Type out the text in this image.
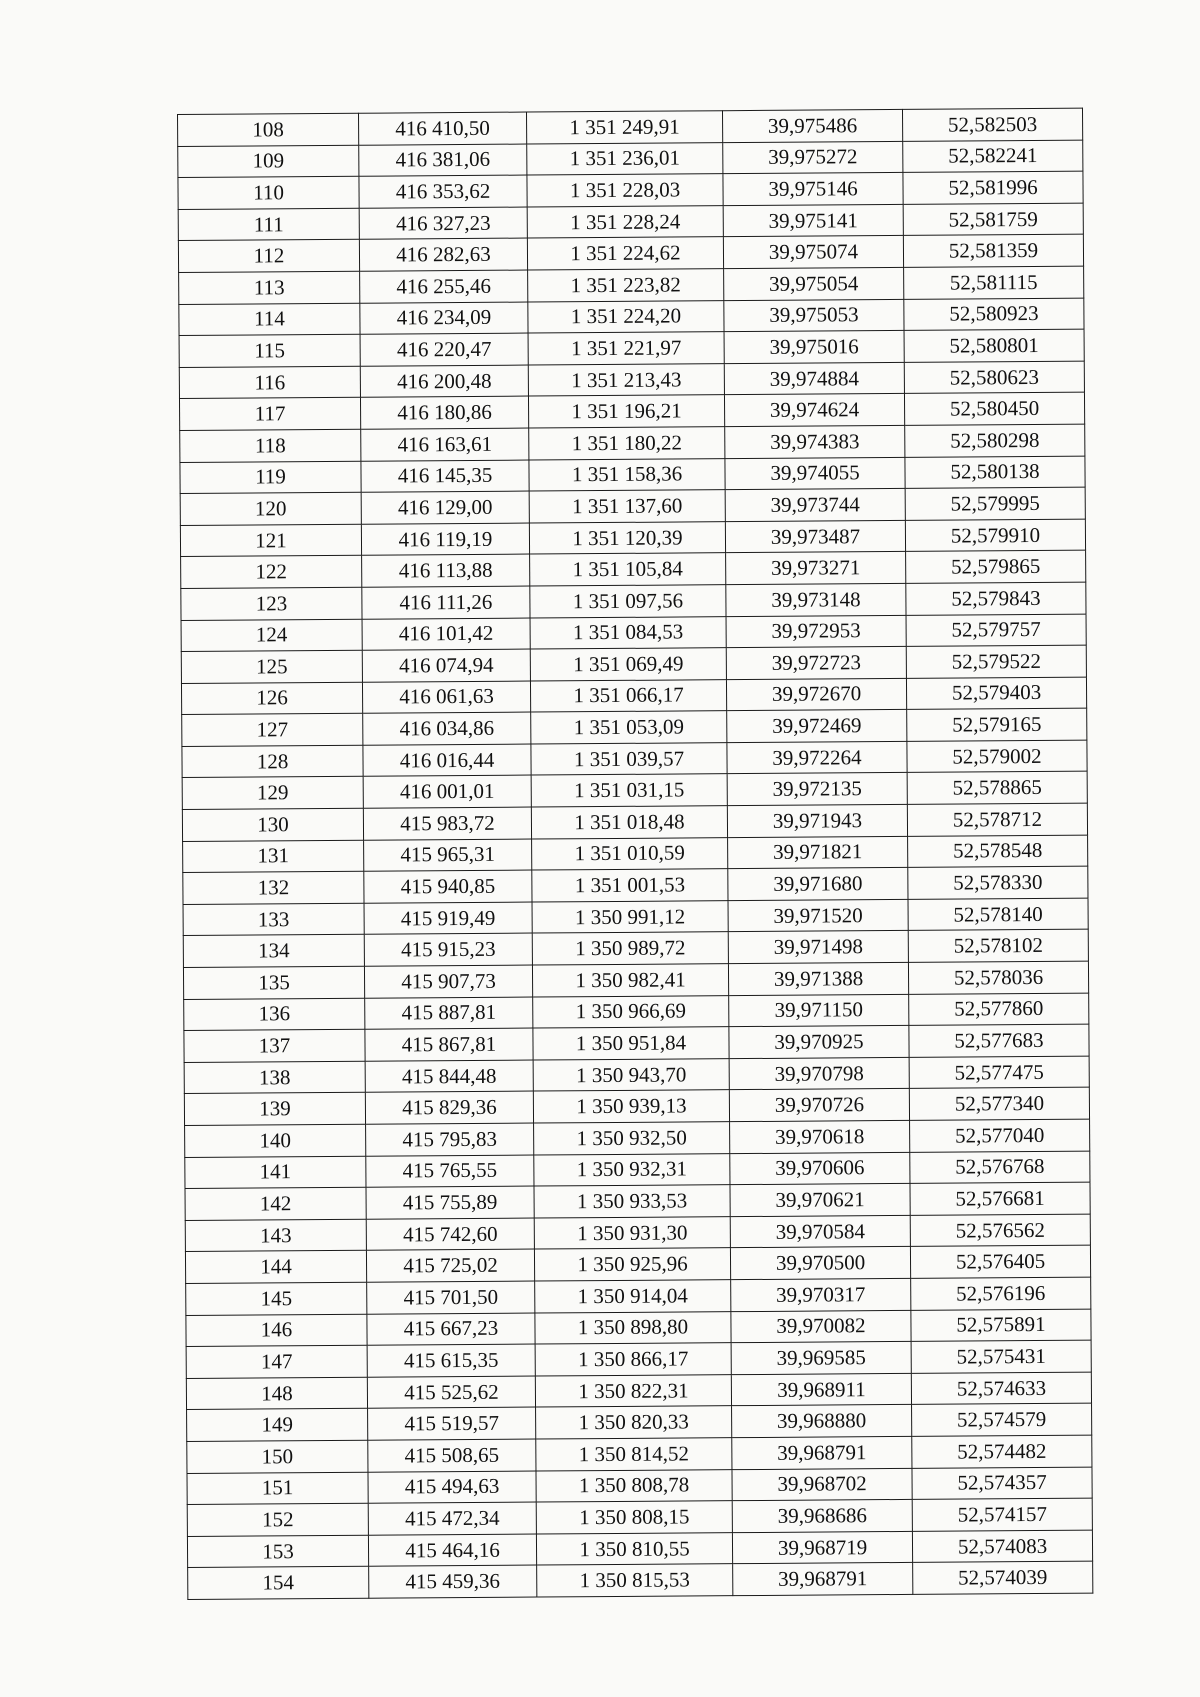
108	416 410,50	1 351 249,91	39,975486	52,582503
109	416 381,06	1 351 236,01	39,975272	52,582241
110	416 353,62	1 351 228,03	39,975146	52,581996
111	416 327,23	1 351 228,24	39,975141	52,581759
112	416 282,63	1 351 224,62	39,975074	52,581359
113	416 255,46	1 351 223,82	39,975054	52,581115
114	416 234,09	1 351 224,20	39,975053	52,580923
115	416 220,47	1 351 221,97	39,975016	52,580801
116	416 200,48	1 351 213,43	39,974884	52,580623
117	416 180,86	1 351 196,21	39,974624	52,580450
118	416 163,61	1 351 180,22	39,974383	52,580298
119	416 145,35	1 351 158,36	39,974055	52,580138
120	416 129,00	1 351 137,60	39,973744	52,579995
121	416 119,19	1 351 120,39	39,973487	52,579910
122	416 113,88	1 351 105,84	39,973271	52,579865
123	416 111,26	1 351 097,56	39,973148	52,579843
124	416 101,42	1 351 084,53	39,972953	52,579757
125	416 074,94	1 351 069,49	39,972723	52,579522
126	416 061,63	1 351 066,17	39,972670	52,579403
127	416 034,86	1 351 053,09	39,972469	52,579165
128	416 016,44	1 351 039,57	39,972264	52,579002
129	416 001,01	1 351 031,15	39,972135	52,578865
130	415 983,72	1 351 018,48	39,971943	52,578712
131	415 965,31	1 351 010,59	39,971821	52,578548
132	415 940,85	1 351 001,53	39,971680	52,578330
133	415 919,49	1 350 991,12	39,971520	52,578140
134	415 915,23	1 350 989,72	39,971498	52,578102
135	415 907,73	1 350 982,41	39,971388	52,578036
136	415 887,81	1 350 966,69	39,971150	52,577860
137	415 867,81	1 350 951,84	39,970925	52,577683
138	415 844,48	1 350 943,70	39,970798	52,577475
139	415 829,36	1 350 939,13	39,970726	52,577340
140	415 795,83	1 350 932,50	39,970618	52,577040
141	415 765,55	1 350 932,31	39,970606	52,576768
142	415 755,89	1 350 933,53	39,970621	52,576681
143	415 742,60	1 350 931,30	39,970584	52,576562
144	415 725,02	1 350 925,96	39,970500	52,576405
145	415 701,50	1 350 914,04	39,970317	52,576196
146	415 667,23	1 350 898,80	39,970082	52,575891
147	415 615,35	1 350 866,17	39,969585	52,575431
148	415 525,62	1 350 822,31	39,968911	52,574633
149	415 519,57	1 350 820,33	39,968880	52,574579
150	415 508,65	1 350 814,52	39,968791	52,574482
151	415 494,63	1 350 808,78	39,968702	52,574357
152	415 472,34	1 350 808,15	39,968686	52,574157
153	415 464,16	1 350 810,55	39,968719	52,574083
154	415 459,36	1 350 815,53	39,968791	52,574039
